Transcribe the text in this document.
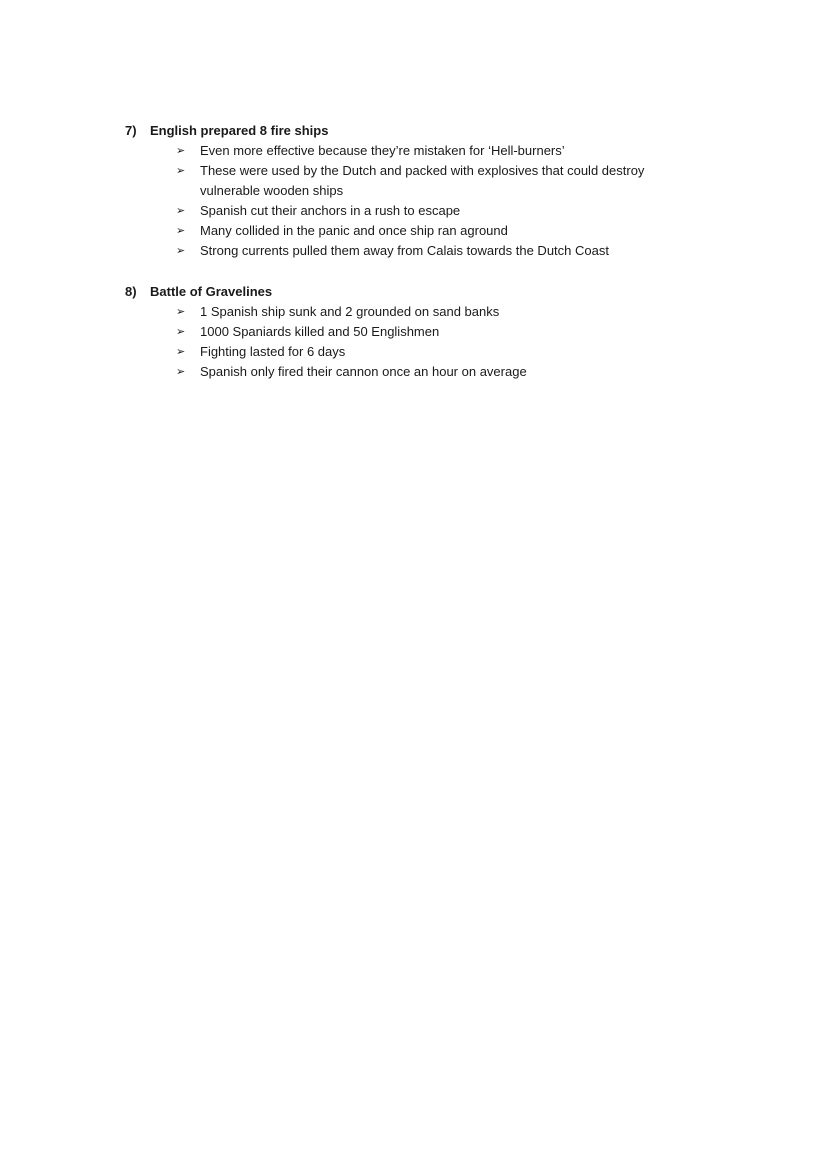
7)	English prepared 8 fire ships
➢	Even more effective because they’re mistaken for ‘Hell-burners’
➢	These were used by the Dutch and packed with explosives that could destroy vulnerable wooden ships
➢	Spanish cut their anchors in a rush to escape
➢	Many collided in the panic and once ship ran aground
➢	Strong currents pulled them away from Calais towards the Dutch Coast
8)	Battle of Gravelines
➢	1 Spanish ship sunk and 2 grounded on sand banks
➢	1000 Spaniards killed and 50 Englishmen
➢	Fighting lasted for 6 days
➢	Spanish only fired their cannon once an hour on average
